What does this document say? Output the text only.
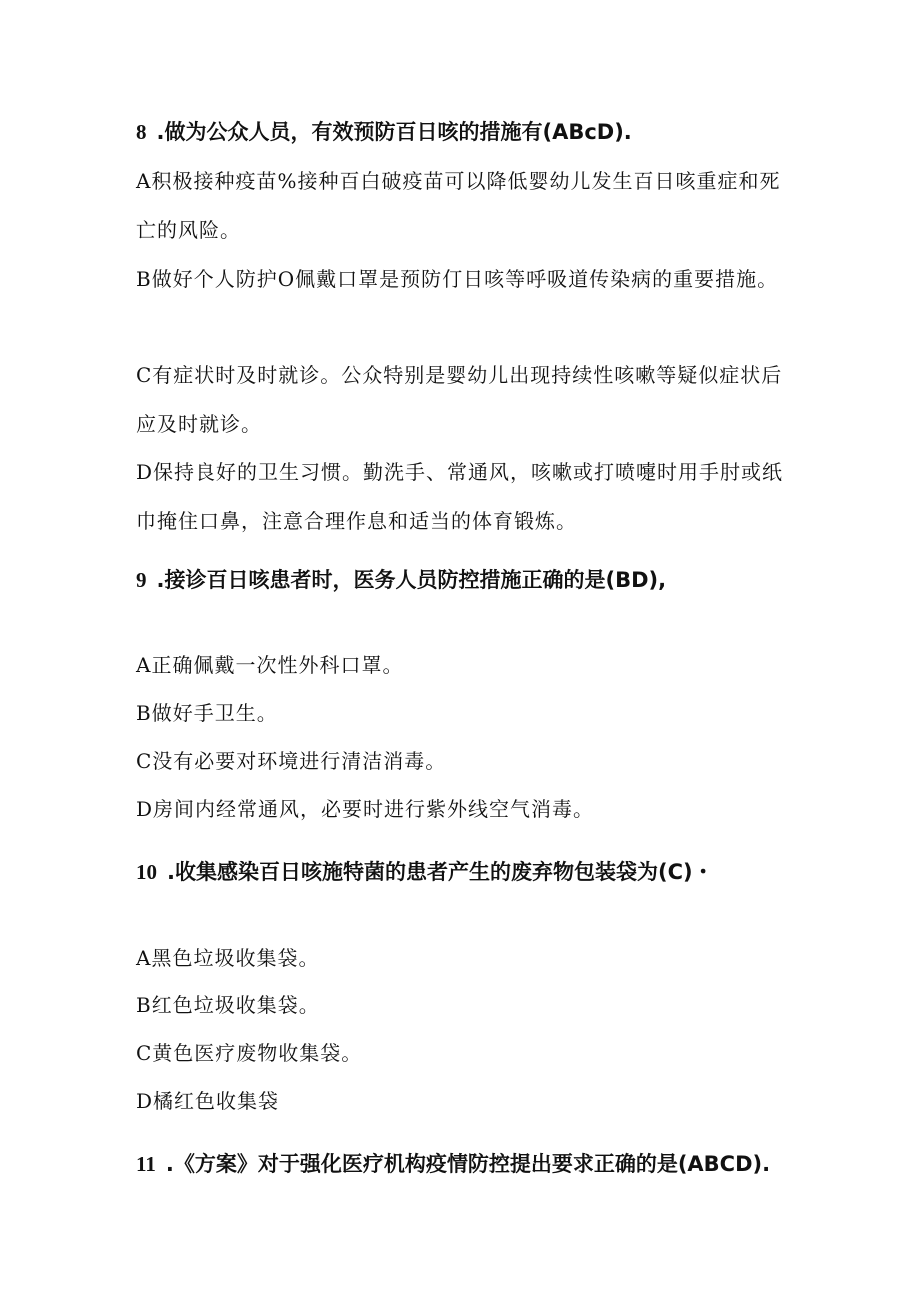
8 .做为公众人员，有效预防百日咳的措施有(ABcD).
A积极接种疫苗%接种百白破疫苗可以降低婴幼儿发生百日咳重症和死亡的风险。
B做好个人防护O佩戴口罩是预防仃日咳等呼吸道传染病的重要措施。
C有症状时及时就诊。公众特别是婴幼儿出现持续性咳嗽等疑似症状后应及时就诊。
D保持良好的卫生习惯。勤洗手、常通风，咳嗽或打喷嚏时用手肘或纸巾掩住口鼻，注意合理作息和适当的体育锻炼。
9 .接诊百日咳患者时，医务人员防控措施正确的是(BD),
A正确佩戴一次性外科口罩。
B做好手卫生。
C没有必要对环境进行清洁消毒。
D房间内经常通风，必要时进行紫外线空气消毒。
10 .收集感染百日咳施特菌的患者产生的废弃物包装袋为(C)・
A黑色垃圾收集袋。
B红色垃圾收集袋。
C黄色医疗废物收集袋。
D橘红色收集袋
11 .《方案》对于强化医疗机构疫情防控提出要求正确的是(ABCD).
